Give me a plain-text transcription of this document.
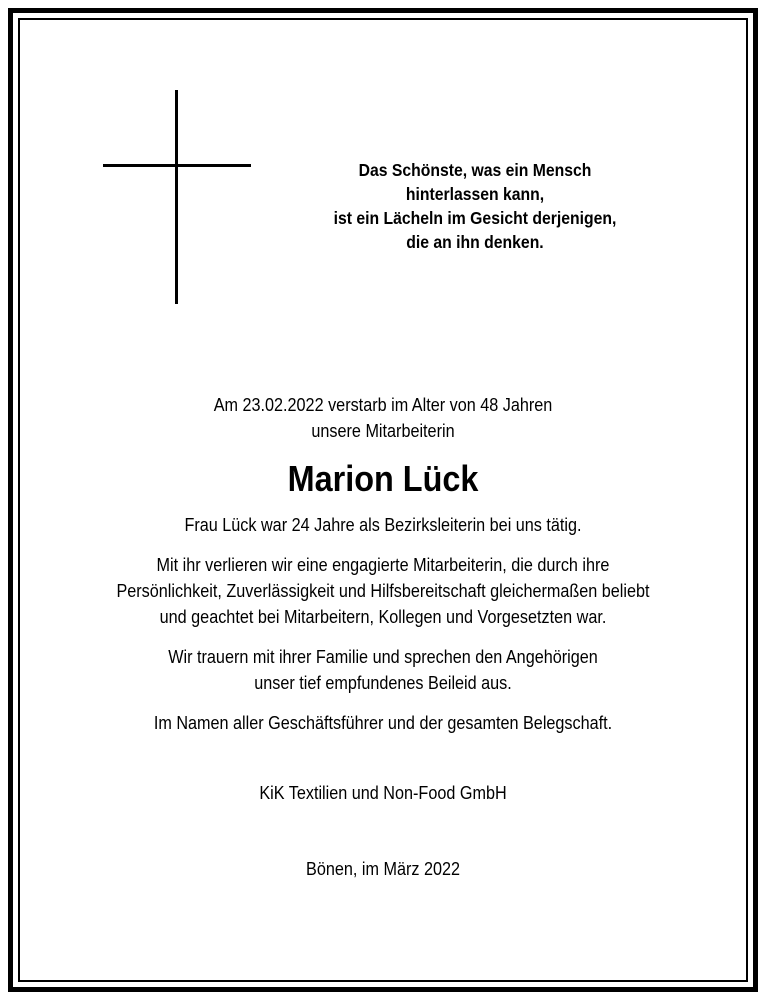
Das Schönste, was ein Mensch
hinterlassen kann,
ist ein Lächeln im Gesicht derjenigen,
die an ihn denken.
Am 23.02.2022 verstarb im Alter von 48 Jahren
unsere Mitarbeiterin
Marion Lück
Frau Lück war 24 Jahre als Bezirksleiterin bei uns tätig.
Mit ihr verlieren wir eine engagierte Mitarbeiterin, die durch ihre
Persönlichkeit, Zuverlässigkeit und Hilfsbereitschaft gleichermaßen beliebt
und geachtet bei Mitarbeitern, Kollegen und Vorgesetzten war.
Wir trauern mit ihrer Familie und sprechen den Angehörigen
unser tief empfundenes Beileid aus.
Im Namen aller Geschäftsführer und der gesamten Belegschaft.
KiK Textilien und Non-Food GmbH
Bönen, im März 2022
